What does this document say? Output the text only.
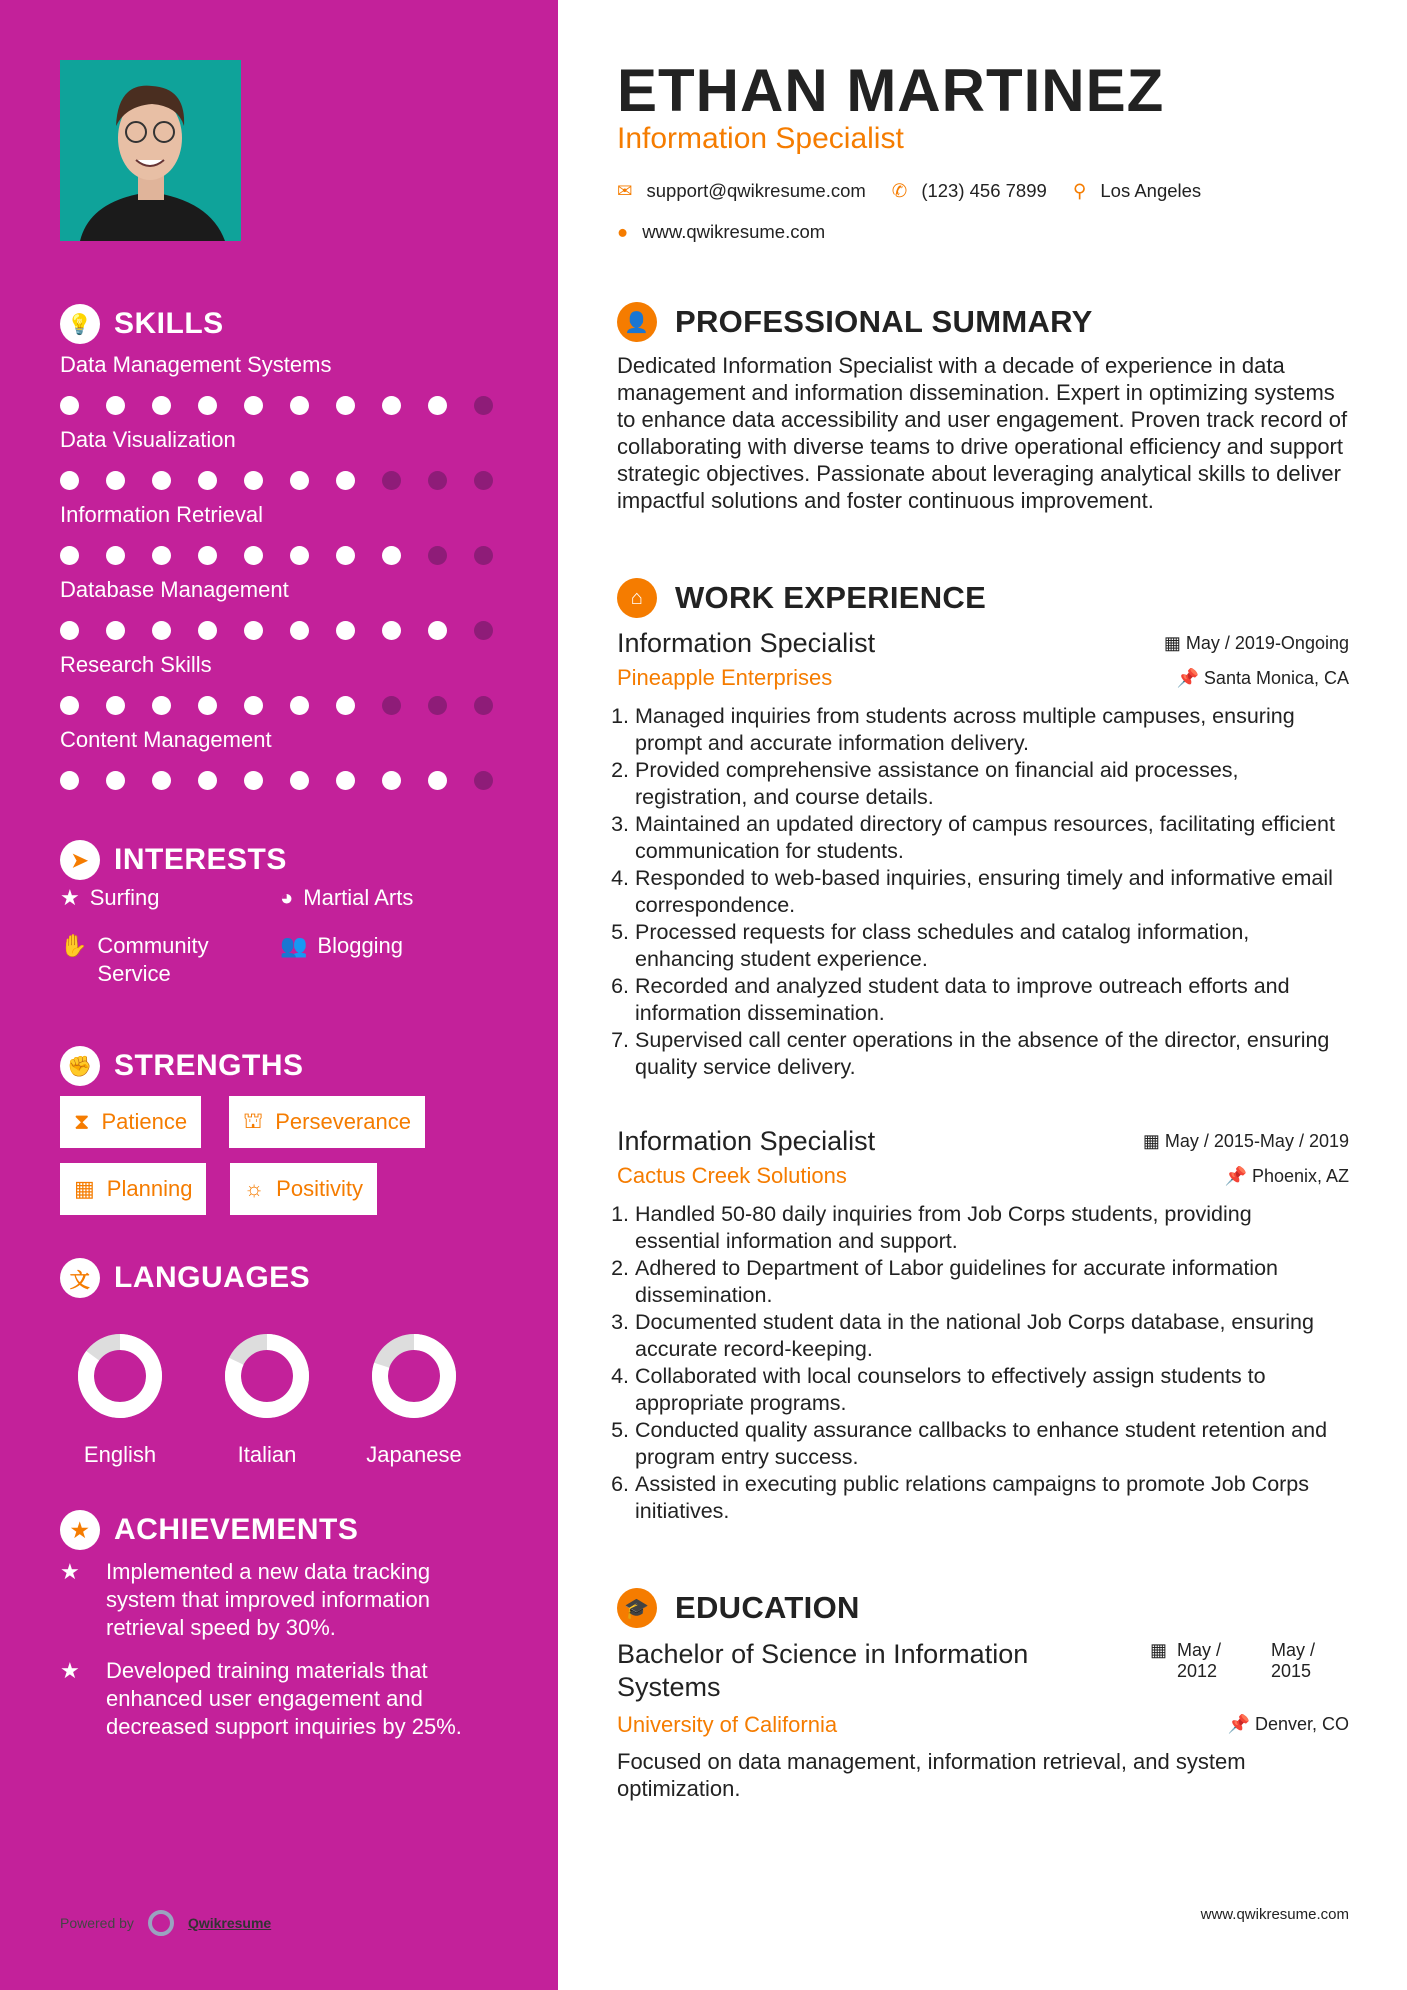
💡 SKILLS
Data Management Systems
Data Visualization
Information Retrieval
Database Management
Research Skills
Content Management
➤ INTERESTS
★ Surfing	◕ Martial Arts
✋ Community Service
👥 Blogging
✊ STRENGTHS
⧗ Patience	⛫ Perseverance
▦ Planning ☼ Positivity
文 LANGUAGES
English	Italian	Japanese
★ ACHIEVEMENTS
★	Implemented a new data tracking system that improved information retrieval speed by 30%.
★	Developed training materials that enhanced user engagement and decreased support inquiries by 25%.
Powered by	Qwikresume
ETHAN MARTINEZ
Information Specialist
✉ support@qwikresume.com ✆ (123) 456 7899 ⚲ Los Angeles
● www.qwikresume.com
👤 PROFESSIONAL SUMMARY
Dedicated Information Specialist with a decade of experience in data management and information dissemination. Expert in optimizing systems to enhance data accessibility and user engagement. Proven track record of collaborating with diverse teams to drive operational efficiency and support strategic objectives. Passionate about leveraging analytical skills to deliver impactful solutions and foster continuous improvement.
⌂	WORK EXPERIENCE
Information Specialist	▦ May / 2019-Ongoing
Pineapple Enterprises	📌 Santa Monica, CA
1. Managed inquiries from students across multiple campuses, ensuring prompt and accurate information delivery.
2. Provided comprehensive assistance on financial aid processes, registration, and course details.
3. Maintained an updated directory of campus resources, facilitating efficient communication for students.
4. Responded to web-based inquiries, ensuring timely and informative email correspondence.
5. Processed requests for class schedules and catalog information, enhancing student experience.
6. Recorded and analyzed student data to improve outreach efforts and information dissemination.
7. Supervised call center operations in the absence of the director, ensuring quality service delivery.
Information Specialist	▦ May / 2015-May / 2019
Cactus Creek Solutions	📌 Phoenix, AZ
1. Handled 50-80 daily inquiries from Job Corps students, providing essential information and support.
2. Adhered to Department of Labor guidelines for accurate information dissemination.
3. Documented student data in the national Job Corps database, ensuring accurate record-keeping.
4. Collaborated with local counselors to effectively assign students to appropriate programs.
5. Conducted quality assurance callbacks to enhance student retention and program entry success.
6. Assisted in executing public relations campaigns to promote Job Corps initiatives.
🎓 EDUCATION
Bachelor of Science in Information Systems
▦ May / 2012
May / 2015
University of California	📌 Denver, CO
Focused on data management, information retrieval, and system optimization.
www.qwikresume.com
